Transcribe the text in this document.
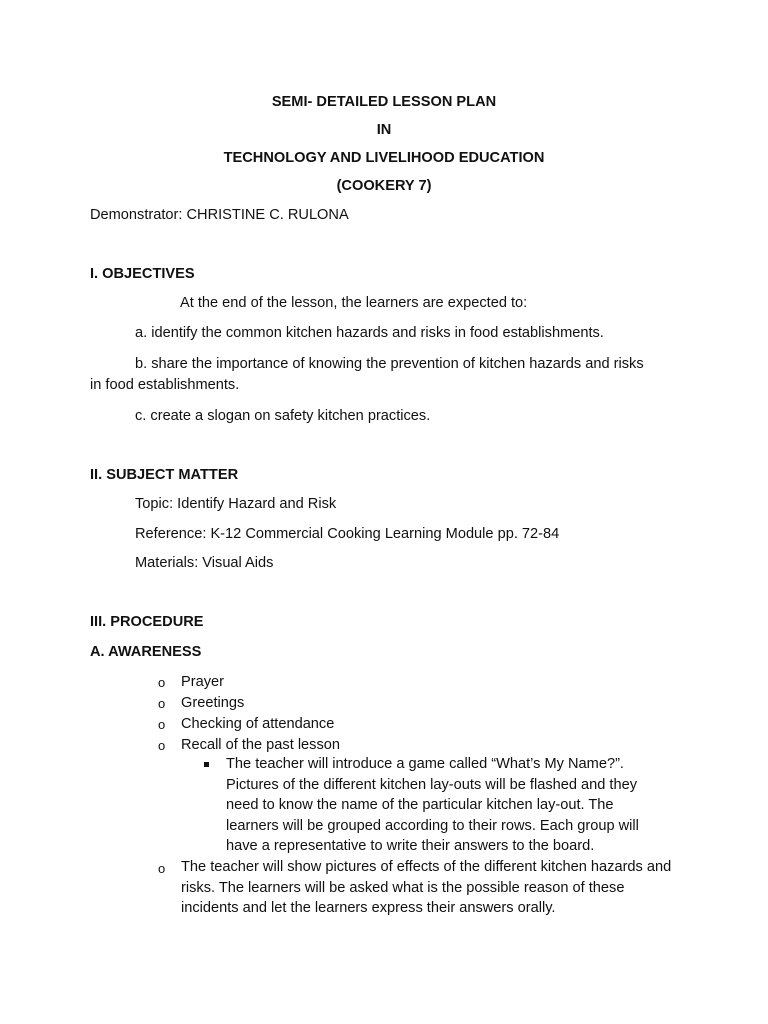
SEMI- DETAILED LESSON PLAN
IN
TECHNOLOGY AND LIVELIHOOD EDUCATION
(COOKERY 7)
Demonstrator: CHRISTINE C. RULONA
I. OBJECTIVES
At the end of the lesson, the learners are expected to:
a. identify the common kitchen hazards and risks in food establishments.
b. share the importance of knowing the prevention of kitchen hazards and risks
in food establishments.
c. create a slogan on safety kitchen practices.
II. SUBJECT MATTER
Topic: Identify Hazard and Risk
Reference: K-12 Commercial Cooking Learning Module pp. 72-84
Materials: Visual Aids
III. PROCEDURE
A. AWARENESS
o Prayer
o Greetings
o Checking of attendance
o Recall of the past lesson
The teacher will introduce a game called “What’s My Name?”. Pictures of the different kitchen lay-outs will be flashed and they need to know the name of the particular kitchen lay-out. The learners will be grouped according to their rows. Each group will have a representative to write their answers to the board.
o The teacher will show pictures of effects of the different kitchen hazards and risks. The learners will be asked what is the possible reason of these incidents and let the learners express their answers orally.
